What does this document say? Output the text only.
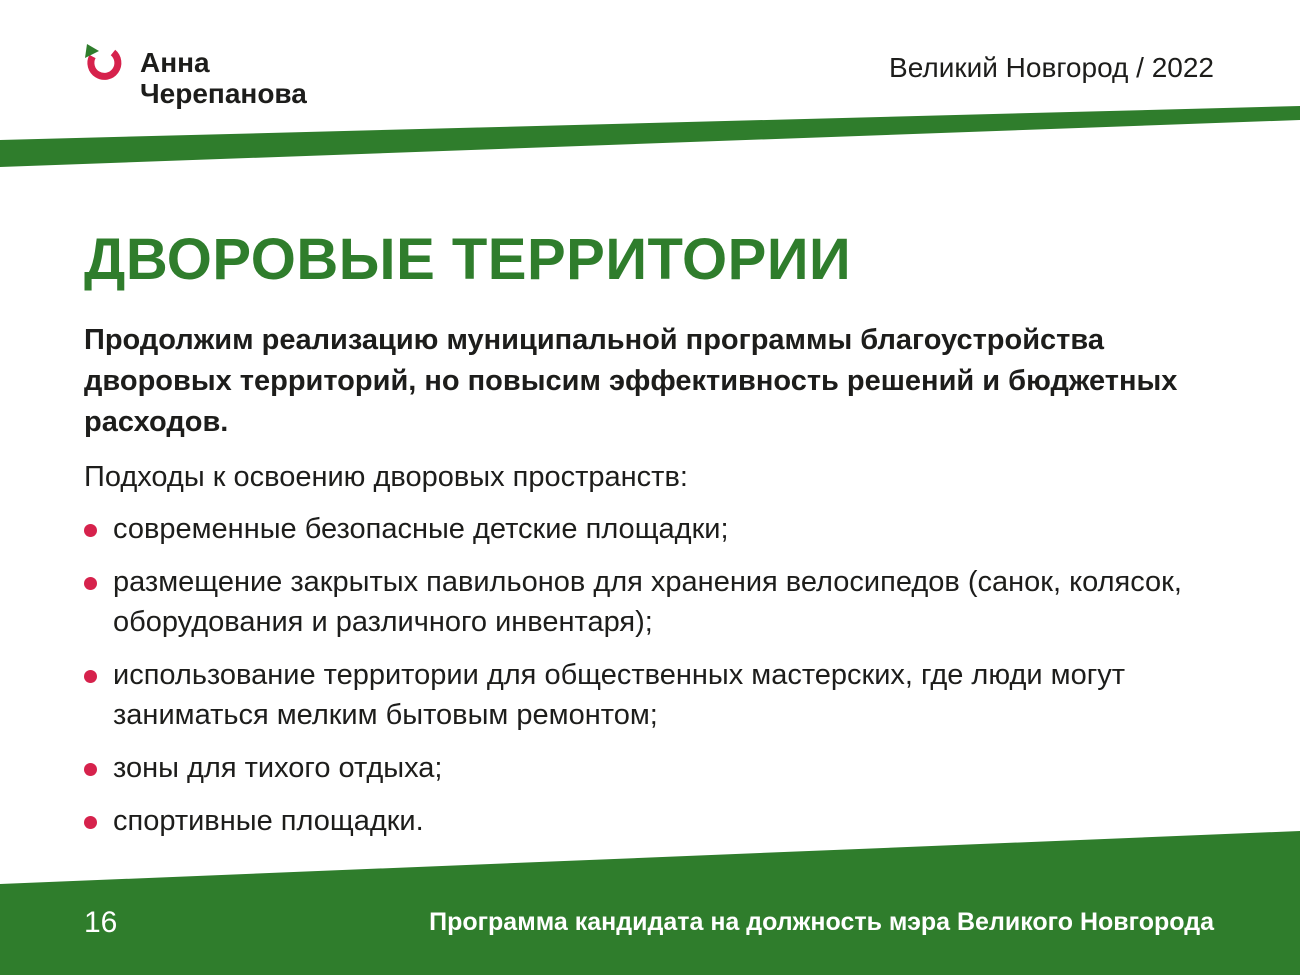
Анна
Черепанова
Великий Новгород / 2022
ДВОРОВЫЕ ТЕРРИТОРИИ

Продолжим реализацию муниципальной программы благоустройства дворовых территорий, но повысим эффективность решений и бюджетных расходов.

Подходы к освоению дворовых пространств:

современные безопасные детские площадки;
размещение закрытых павильонов для хранения велосипедов (санок, колясок, оборудования и различного инвентаря);
использование территории для общественных мастерских, где люди могут заниматься мелким бытовым ремонтом;
зоны для тихого отдыха;
спортивные площадки.
16	Программа кандидата на должность мэра Великого Новгорода
